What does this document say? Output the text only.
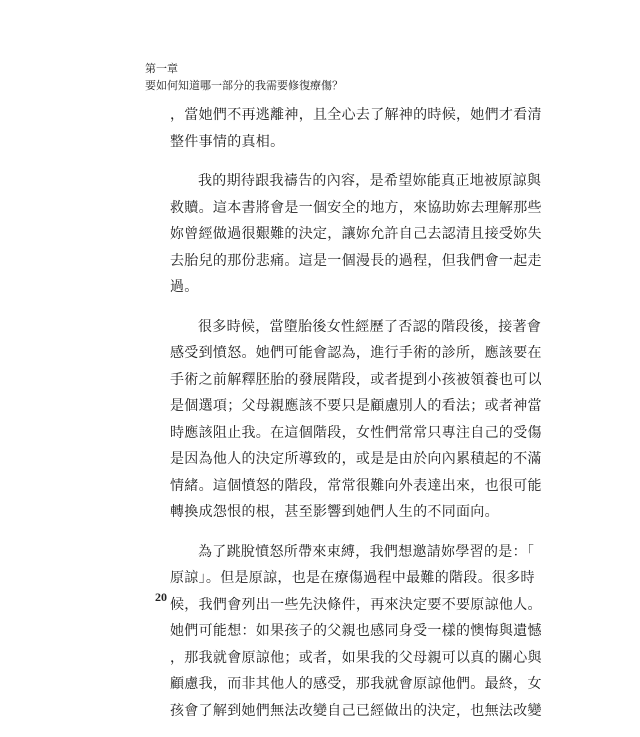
第一章
要如何知道哪一部分的我需要修復療傷？
，當她們不再逃離神，且全心去了解神的時候，她們才看清
整件事情的真相。
我的期待跟我禱告的內容，是希望妳能真正地被原諒與
救贖。這本書將會是一個安全的地方，來協助妳去理解那些
妳曾經做過很艱難的決定，讓妳允許自己去認清且接受妳失
去胎兒的那份悲痛。這是一個漫長的過程，但我們會一起走
過。
很多時候，當墮胎後女性經歷了否認的階段後，接著會
感受到憤怒。她們可能會認為，進行手術的診所，應該要在
手術之前解釋胚胎的發展階段，或者提到小孩被領養也可以
是個選項；父母親應該不要只是顧慮別人的看法；或者神當
時應該阻止我。在這個階段，女性們常常只專注自己的受傷
是因為他人的決定所導致的，或是是由於向內累積起的不滿
情緒。這個憤怒的階段，常常很難向外表達出來，也很可能
轉換成怨恨的根，甚至影響到她們人生的不同面向。
為了跳脫憤怒所帶來束縛，我們想邀請妳學習的是：「
原諒」。但是原諒，也是在療傷過程中最難的階段。很多時
候，我們會列出一些先決條件，再來決定要不要原諒他人。
她們可能想：如果孩子的父親也感同身受一樣的懊悔與遺憾
，那我就會原諒他；或者，如果我的父母親可以真的關心與
顧慮我，而非其他人的感受，那我就會原諒他們。最終，女
孩會了解到她們無法改變自己已經做出的決定，也無法改變
20
